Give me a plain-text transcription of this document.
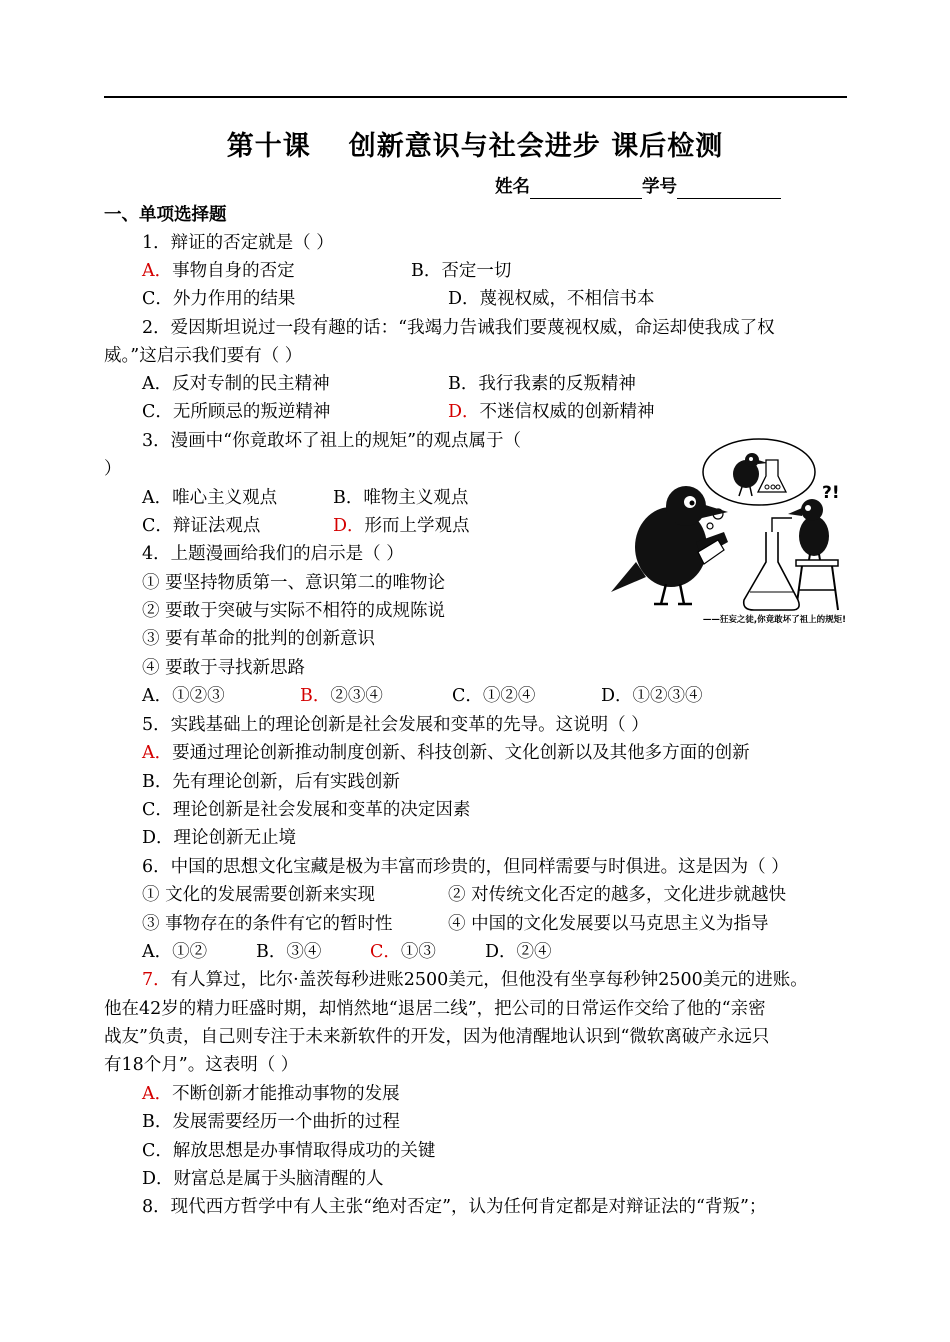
第十课 创新意识与社会进步 课后检测
姓名	学号
一、单项选择题
1．辩证的否定就是（ ）
A．事物自身的否定	B．否定一切
C．外力作用的结果	D．蔑视权威，不相信书本
2．爱因斯坦说过一段有趣的话：“我竭力告诫我们要蔑视权威，命运却使我成了权
威。”这启示我们要有（ ）
A．反对专制的民主精神	B．我行我素的反叛精神
C．无所顾忌的叛逆精神	D．不迷信权威的创新精神
3．漫画中“你竟敢坏了祖上的规矩”的观点属于（
）
A．唯心主义观点	B．唯物主义观点
C．辩证法观点	D．形而上学观点
?!
——狂妄之徒,你竟敢坏了祖上的规矩!
4．上题漫画给我们的启示是（ ）
① 要坚持物质第一、意识第二的唯物论
② 要敢于突破与实际不相符的成规陈说
③ 要有革命的批判的创新意识
④ 要敢于寻找新思路
A．①②③	B．②③④	C．①②④	D．①②③④
5．实践基础上的理论创新是社会发展和变革的先导。这说明（ ）
A．要通过理论创新推动制度创新、科技创新、文化创新以及其他多方面的创新
B．先有理论创新，后有实践创新
C．理论创新是社会发展和变革的决定因素
D．理论创新无止境
6．中国的思想文化宝藏是极为丰富而珍贵的，但同样需要与时俱进。这是因为（ ）
① 文化的发展需要创新来实现	② 对传统文化否定的越多，文化进步就越快
③ 事物存在的条件有它的暂时性	④ 中国的文化发展要以马克思主义为指导
A．①②	B．③④	C．①③	D．②④
7．有人算过，比尔·盖茨每秒进账2500美元，但他没有坐享每秒钟2500美元的进账。
他在42岁的精力旺盛时期，却悄然地“退居二线”，把公司的日常运作交给了他的“亲密
战友”负责，自己则专注于未来新软件的开发，因为他清醒地认识到“微软离破产永远只
有18个月”。这表明（ ）
A．不断创新才能推动事物的发展
B．发展需要经历一个曲折的过程
C．解放思想是办事情取得成功的关键
D．财富总是属于头脑清醒的人
8．现代西方哲学中有人主张“绝对否定”，认为任何肯定都是对辩证法的“背叛”；
